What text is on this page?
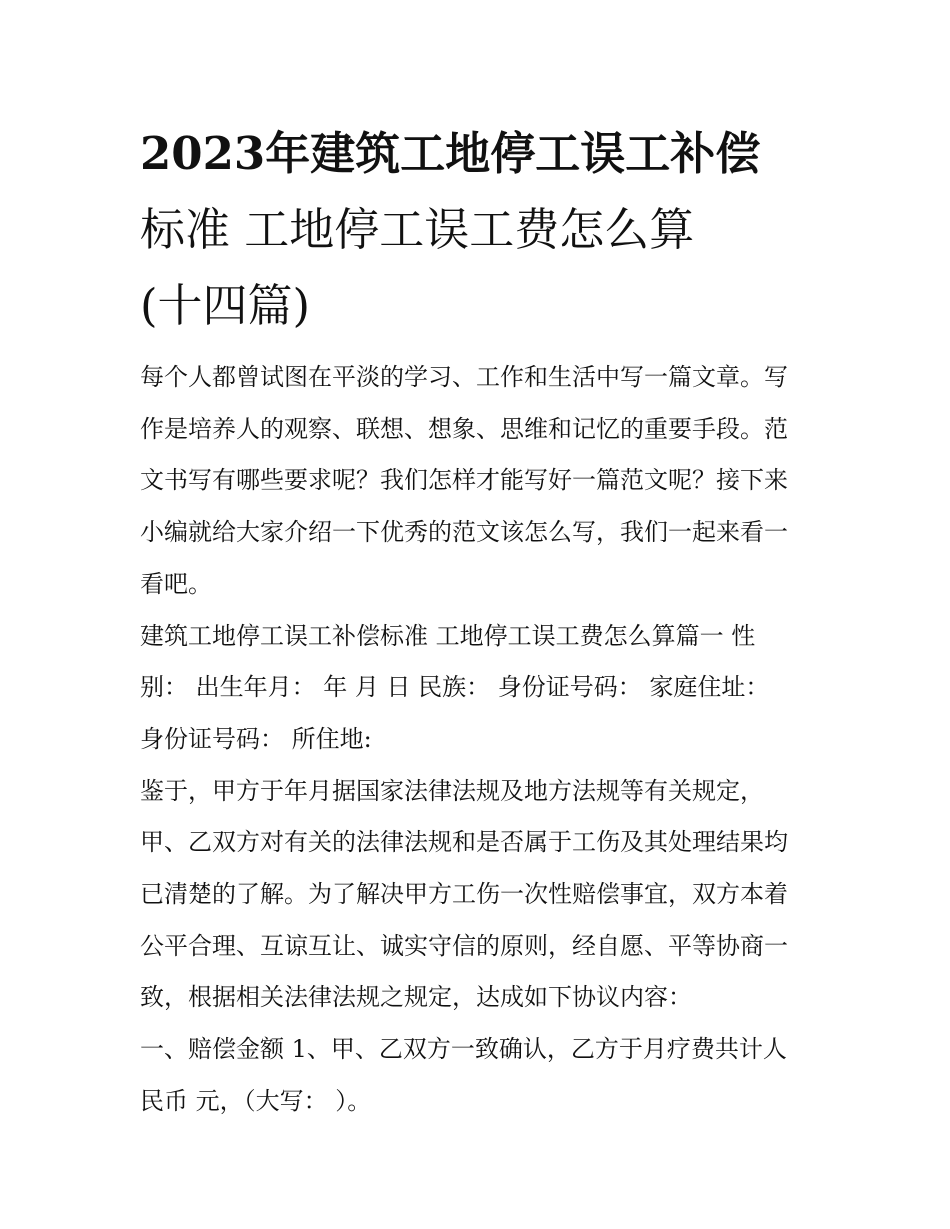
2023年建筑工地停工误工补偿
标准 工地停工误工费怎么算
(十四篇)
每个人都曾试图在平淡的学习、工作和生活中写一篇文章。写
作是培养人的观察、联想、想象、思维和记忆的重要手段。范
文书写有哪些要求呢？我们怎样才能写好一篇范文呢？接下来
小编就给大家介绍一下优秀的范文该怎么写，我们一起来看一
看吧。
建筑工地停工误工补偿标准 工地停工误工费怎么算篇一 性
别： 出生年月： 年 月 日 民族： 身份证号码： 家庭住址：
身份证号码： 所住地:
鉴于，甲方于年月据国家法律法规及地方法规等有关规定，
甲、乙双方对有关的法律法规和是否属于工伤及其处理结果均
已清楚的了解。为了解决甲方工伤一次性赔偿事宜，双方本着
公平合理、互谅互让、诚实守信的原则，经自愿、平等协商一
致，根据相关法律法规之规定，达成如下协议内容：
一、赔偿金额 1、甲、乙双方一致确认，乙方于月疗费共计人
民币 元，（大写： ）。
